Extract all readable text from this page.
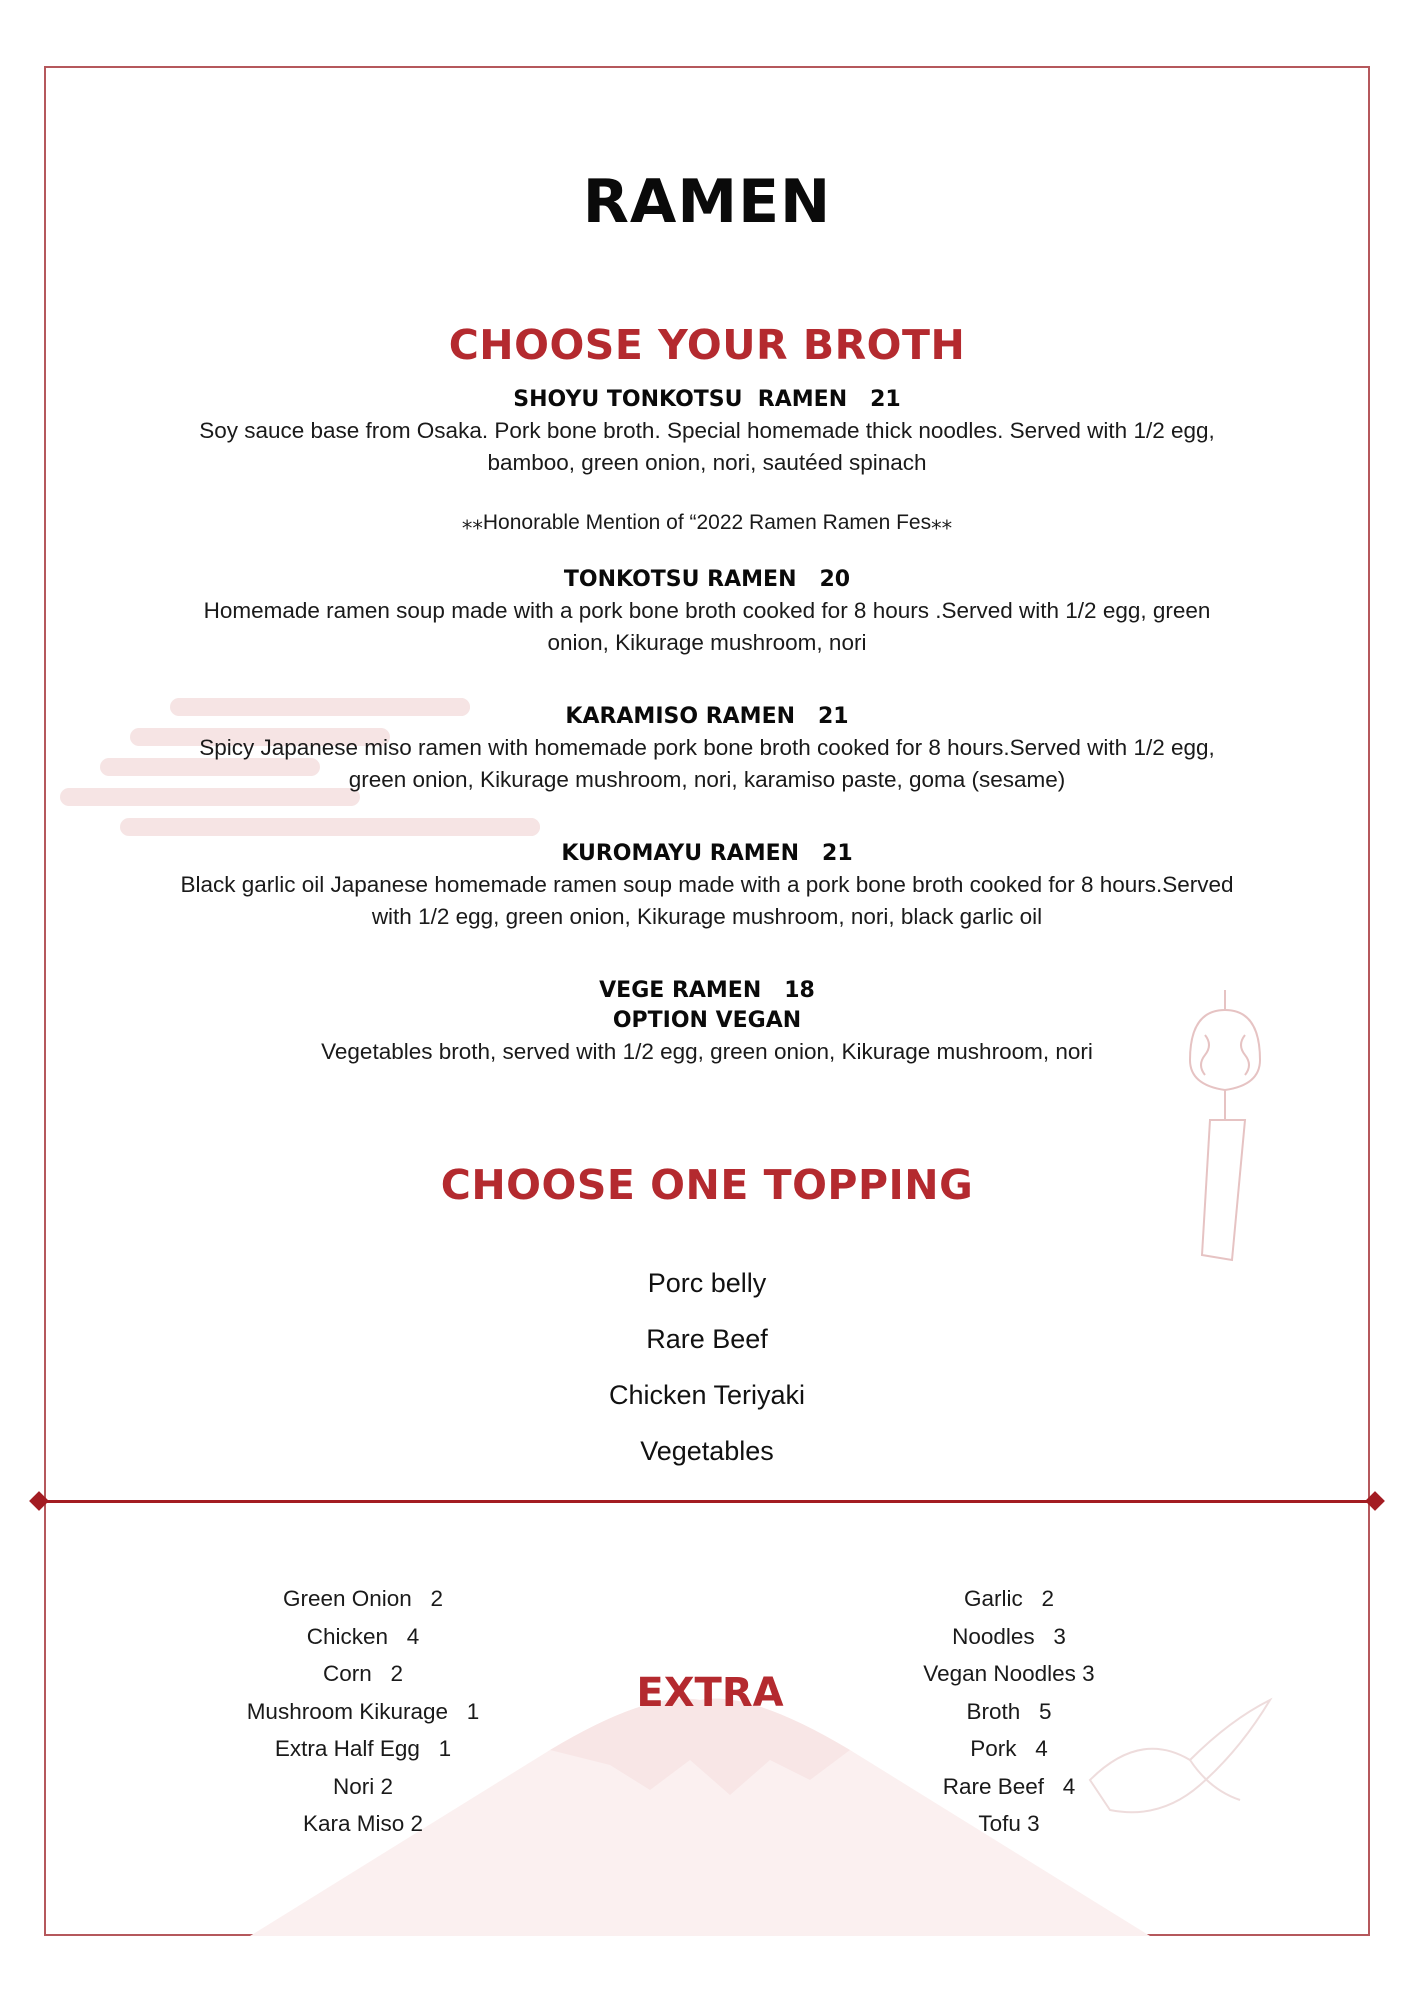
RAMEN
CHOOSE YOUR BROTH
SHOYU TONKOTSU  RAMEN   21
Soy sauce base from Osaka. Pork bone broth. Special homemade thick noodles. Served with 1/2 egg,
bamboo, green onion, nori, sautéed spinach
⁎⁎Honorable Mention of “2022 Ramen Ramen Fes⁎⁎
TONKOTSU RAMEN   20
Homemade ramen soup made with a pork bone broth cooked for 8 hours .Served with 1/2 egg, green
onion, Kikurage mushroom, nori
KARAMISO RAMEN   21
Spicy Japanese miso ramen with homemade pork bone broth cooked for 8 hours.Served with 1/2 egg,
green onion, Kikurage mushroom, nori, karamiso paste, goma (sesame)
KUROMAYU RAMEN   21
Black garlic oil Japanese homemade ramen soup made with a pork bone broth cooked for 8 hours.Served
with 1/2 egg, green onion, Kikurage mushroom, nori, black garlic oil
VEGE RAMEN   18
OPTION VEGAN
Vegetables broth, served with 1/2 egg, green onion, Kikurage mushroom, nori
CHOOSE ONE TOPPING
Porc belly
Rare Beef
Chicken Teriyaki
Vegetables
Green Onion   2
Chicken   4
Corn   2
Mushroom Kikurage   1
Extra Half Egg   1
Nori 2
Kara Miso 2
EXTRA
Garlic   2
Noodles   3
Vegan Noodles 3
Broth   5
Pork   4
Rare Beef   4
Tofu 3
